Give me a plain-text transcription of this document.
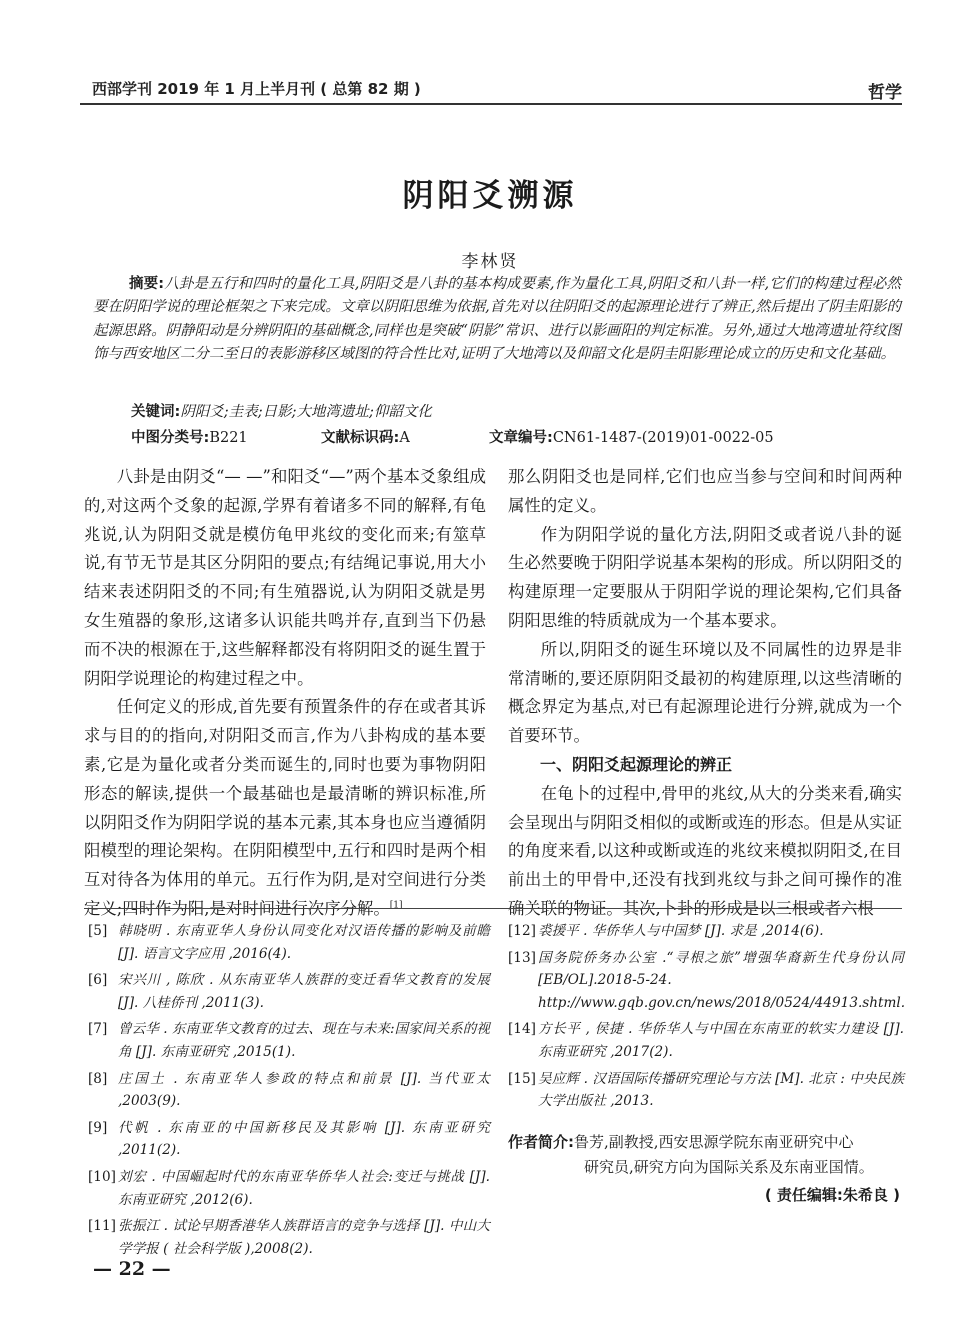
西部学刊 2019 年 1 月上半月刊 ( 总第 82 期 )	哲学
阴阳爻溯源
李林贤
摘要:八卦是五行和四时的量化工具,阴阳爻是八卦的基本构成要素,作为量化工具,阴阳爻和八卦一样,它们的构建过程必然要在阴阳学说的理论框架之下来完成。文章以阴阳思维为依据,首先对以往阴阳爻的起源理论进行了辨正,然后提出了阴圭阳影的起源思路。阴静阳动是分辨阴阳的基础概念,同样也是突破“阴影”常识、进行以影画阳的判定标准。另外,通过大地湾遗址符纹图饰与西安地区二分二至日的表影游移区域图的符合性比对,证明了大地湾以及仰韶文化是阴圭阳影理论成立的历史和文化基础。
关键词:阴阳爻;圭表;日影;大地湾遗址;仰韶文化
中图分类号:B221	文献标识码:A	文章编号:CN61-1487-(2019)01-0022-05

八卦是由阴爻“— —”和阳爻“—”两个基本爻象组成的,对这两个爻象的起源,学界有着诸多不同的解释,有龟兆说,认为阴阳爻就是模仿龟甲兆纹的变化而来;有筮草说,有节无节是其区分阴阳的要点;有结绳记事说,用大小结来表述阴阳爻的不同;有生殖器说,认为阴阳爻就是男女生殖器的象形,这诸多认识能共鸣并存,直到当下仍悬而不决的根源在于,这些解释都没有将阴阳爻的诞生置于阴阳学说理论的构建过程之中。

任何定义的形成,首先要有预置条件的存在或者其诉求与目的的指向,对阴阳爻而言,作为八卦构成的基本要素,它是为量化或者分类而诞生的,同时也要为事物阴阳形态的解读,提供一个最基础也是最清晰的辨识标准,所以阴阳爻作为阴阳学说的基本元素,其本身也应当遵循阴阳模型的理论架构。在阴阳模型中,五行和四时是两个相互对待各为体用的单元。五行作为阴,是对空间进行分类定义;四时作为阳,是对时间进行次序分解。[1]

那么阴阳爻也是同样,它们也应当参与空间和时间两种属性的定义。

作为阴阳学说的量化方法,阴阳爻或者说八卦的诞生必然要晚于阴阳学说基本架构的形成。所以阴阳爻的构建原理一定要服从于阴阳学说的理论架构,它们具备阴阳思维的特质就成为一个基本要求。

所以,阴阳爻的诞生环境以及不同属性的边界是非常清晰的,要还原阴阳爻最初的构建原理,以这些清晰的概念界定为基点,对已有起源理论进行分辨,就成为一个首要环节。

一、阴阳爻起源理论的辨正

在龟卜的过程中,骨甲的兆纹,从大的分类来看,确实会呈现出与阴阳爻相似的或断或连的形态。但是从实证的角度来看,以这种或断或连的兆纹来模拟阴阳爻,在目前出土的甲骨中,还没有找到兆纹与卦之间可操作的准确关联的物证。其次,卜卦的形成是以三根或者六根

[5] 韩晓明 . 东南亚华人身份认同变化对汉语传播的影响及前瞻 [J]. 语言文字应用 ,2016(4).
[6] 宋兴川 , 陈欣 . 从东南亚华人族群的变迁看华文教育的发展 [J]. 八桂侨刊 ,2011(3).
[7] 曾云华 . 东南亚华文教育的过去、现在与未来:国家间关系的视角 [J]. 东南亚研究 ,2015(1).
[8] 庄国土 . 东南亚华人参政的特点和前景 [J]. 当代亚太 ,2003(9).
[9] 代帆 . 东南亚的中国新移民及其影响 [J]. 东南亚研究 ,2011(2).
[10] 刘宏 . 中国崛起时代的东南亚华侨华人社会:变迁与挑战 [J]. 东南亚研究 ,2012(6).
[11] 张振江 . 试论早期香港华人族群语言的竞争与选择 [J]. 中山大学学报 ( 社会科学版 ),2008(2).
[12] 裘援平 . 华侨华人与中国梦 [J]. 求是 ,2014(6).
[13] 国务院侨务办公室 .“寻根之旅”增强华裔新生代身份认同 [EB/OL].2018-5-24. http://www.gqb.gov.cn/news/2018/0524/44913.shtml.
[14] 方长平 , 侯捷 . 华侨华人与中国在东南亚的软实力建设 [J]. 东南亚研究 ,2017(2).
[15] 吴应辉 . 汉语国际传播研究理论与方法 [M]. 北京 : 中央民族大学出版社 ,2013.
作者简介:鲁芳,副教授,西安思源学院东南亚研究中心
研究员,研究方向为国际关系及东南亚国情。
( 责任编辑:朱希良 )
— 22 —
